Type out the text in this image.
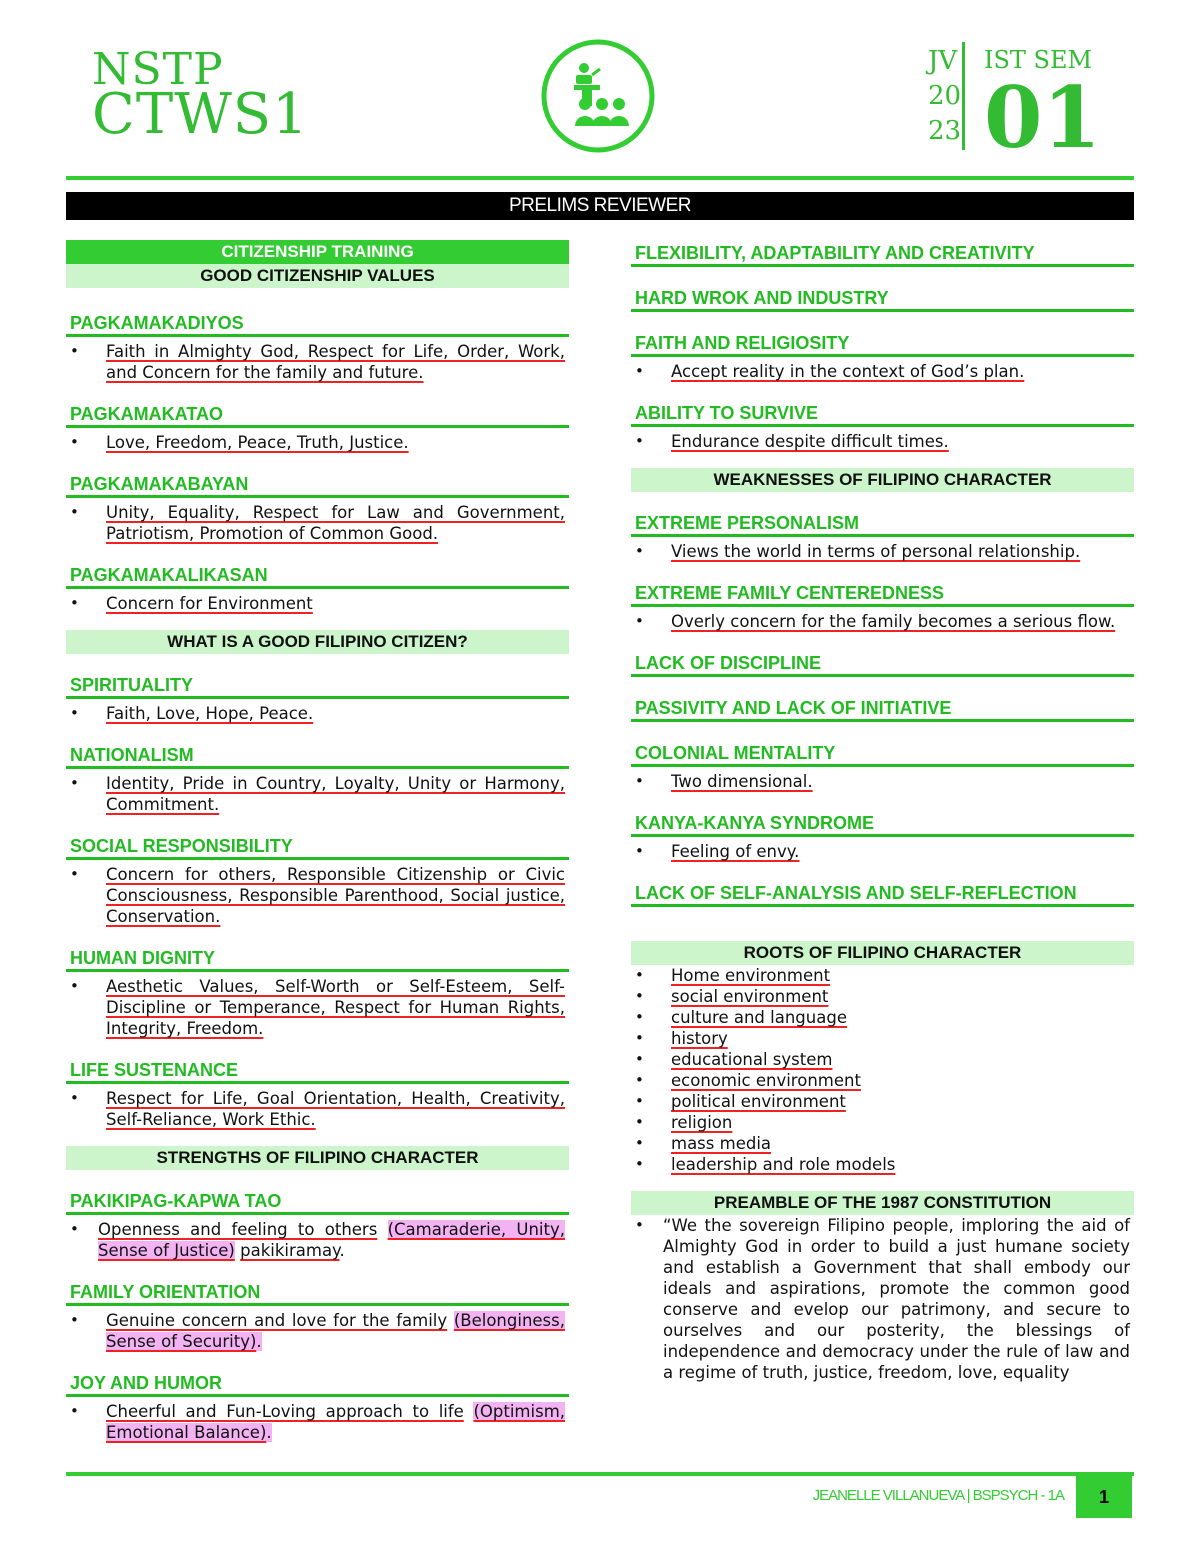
NSTP
CTWS1
JV
20
23
IST SEM
01
PRELIMS REVIEWER
CITIZENSHIP TRAINING
GOOD CITIZENSHIP VALUES
PAGKAMAKADIYOS
• Faith in Almighty God, Respect for Life, Order, Work, and Concern for the family and future.
PAGKAMAKATAO
• Love, Freedom, Peace, Truth, Justice.
PAGKAMAKABAYAN
• Unity, Equality, Respect for Law and Government, Patriotism, Promotion of Common Good.
PAGKAMAKALIKASAN
• Concern for Environment
WHAT IS A GOOD FILIPINO CITIZEN?
SPIRITUALITY
• Faith, Love, Hope, Peace.
NATIONALISM
• Identity, Pride in Country, Loyalty, Unity or Harmony, Commitment.
SOCIAL RESPONSIBILITY
• Concern for others, Responsible Citizenship or Civic Consciousness, Responsible Parenthood, Social justice, Conservation.
HUMAN DIGNITY
• Aesthetic Values, Self-Worth or Self-Esteem, Self-Discipline or Temperance, Respect for Human Rights, Integrity, Freedom.
LIFE SUSTENANCE
• Respect for Life, Goal Orientation, Health, Creativity, Self-Reliance, Work Ethic.
STRENGTHS OF FILIPINO CHARACTER
PAKIKIPAG-KAPWA TAO
• Openness and feeling to others (Camaraderie, Unity, Sense of Justice) pakikiramay.
FAMILY ORIENTATION
• Genuine concern and love for the family (Belonginess, Sense of Security).
JOY AND HUMOR
• Cheerful and Fun-Loving approach to life (Optimism, Emotional Balance).
FLEXIBILITY, ADAPTABILITY AND CREATIVITY
HARD WROK AND INDUSTRY
FAITH AND RELIGIOSITY
• Accept reality in the context of God’s plan.
ABILITY TO SURVIVE
• Endurance despite difficult times.
WEAKNESSES OF FILIPINO CHARACTER
EXTREME PERSONALISM
• Views the world in terms of personal relationship.
EXTREME FAMILY CENTEREDNESS
• Overly concern for the family becomes a serious flow.
LACK OF DISCIPLINE
PASSIVITY AND LACK OF INITIATIVE
COLONIAL MENTALITY
• Two dimensional.
KANYA-KANYA SYNDROME
• Feeling of envy.
LACK OF SELF-ANALYSIS AND SELF-REFLECTION
ROOTS OF FILIPINO CHARACTER
• Home environment
• social environment
• culture and language
• history
• educational system
• economic environment
• political environment
• religion
• mass media
• leadership and role models
PREAMBLE OF THE 1987 CONSTITUTION
• “We the sovereign Filipino people, imploring the aid of Almighty God in order to build a just humane society and establish a Government that shall embody our ideals and aspirations, promote the common good conserve and evelop our patrimony, and secure to ourselves and our posterity, the blessings of independence and democracy under the rule of law and a regime of truth, justice, freedom, love, equality
JEANELLE VILLANUEVA | BSPSYCH - 1A	1
